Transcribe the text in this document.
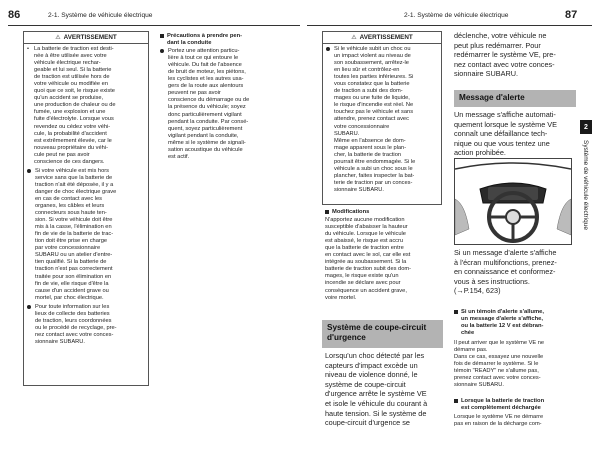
86	2-1. Système de véhicule électrique	2-1. Système de véhicule électrique	87
⚠ AVERTISSEMENT
• La batterie de traction est desti-
née à être utilisée avec votre
véhicule électrique rechar-
geable et lui seul. Si la batterie
de traction est utilisée hors de
votre véhicule ou modifiée en
quoi que ce soit, le risque existe
qu'un accident se produise,
une production de chaleur ou de
fumée, une explosion et une
fuite d'électrolyte. Lorsque vous
revendez ou cédez votre véhi-
cule, la probabilité d'accident
est extrêmement élevée, car le
nouveau propriétaire du véhi-
cule peut ne pas avoir
conscience de ces dangers.

Si votre véhicule est mis hors
service sans que la batterie de
traction n'ait été déposée, il y a
danger de choc électrique grave
en cas de contact avec les
organes, les câbles et leurs
connecteurs sous haute ten-
sion. Si votre véhicule doit être
mis à la casse, l'élimination en
fin de vie de la batterie de trac-
tion doit être prise en charge
par votre concessionnaire
SUBARU ou un atelier d'entre-
tien qualifié. Si la batterie de
traction n'est pas correctement
traitée pour son élimination en
fin de vie, elle risque d'être la
cause d'un accident grave ou
mortel, par choc électrique.

Pour toute information sur les
lieux de collecte des batteries
de traction, leurs coordonnées
ou le procédé de recyclage, pre-
nez contact avec votre conces-
sionnaire SUBARU.

Précautions à prendre pen-
dant la conduite

Portez une attention particu-
lière à tout ce qui entoure le
véhicule. Du fait de l'absence
de bruit de moteur, les piétons,
les cyclistes et les autres usa-
gers de la route aux alentours
peuvent ne pas avoir
conscience du démarrage ou de
la présence du véhicule; soyez
donc particulièrement vigilant
pendant la conduite. Par consé-
quent, soyez particulièrement
vigilant pendant la conduite,
même si le système de signali-
sation acoustique du véhicule
est actif.

⚠ AVERTISSEMENT

Si le véhicule subit un choc ou
un impact violent au niveau de
son soubassement, arrêtez-le
en lieu sûr et contrôlez-en
toutes les parties inférieures. Si
vous constatez que la batterie
de traction a subi des dom-
mages ou une fuite de liquide,
le risque d'incendie est réel. Ne
touchez pas le véhicule et sans
attendre, prenez contact avec
votre concessionnaire
SUBARU.
Même en l'absence de dom-
mage apparent sous le plan-
cher, la batterie de traction
pourrait être endommagée. Si le
véhicule a subi un choc sous le
plancher, faites inspecter la bat-
terie de traction par un conces-
sionnaire SUBARU.

Modifications

N'apportez aucune modification
susceptible d'abaisser la hauteur
du véhicule. Lorsque le véhicule
est abaissé, le risque est accru
que la batterie de traction entre
en contact avec le sol, car elle est
intégrée au soubassement. Si la
batterie de traction subit des dom-
mages, le risque existe qu'un
incendie se déclare avec pour
conséquence un accident grave,
voire mortel.

Système de coupe-circuit
d'urgence
Lorsqu'un choc détecté par les
capteurs d'impact excède un
niveau de violence donné, le
système de coupe-circuit
d'urgence arrête le système VE
et isole le véhicule du courant à
haute tension. Si le système de
coupe-circuit d'urgence se
déclenche, votre véhicule ne
peut plus redémarrer. Pour
redémarrer le système VE, pre-
nez contact avec votre conces-
sionnaire SUBARU.
Message d'alerte
Un message s'affiche automati-
quement lorsque le système VE
connaît une défaillance tech-
nique ou que vous tentez une
action prohibée.
Si un message d'alerte s'affiche
à l'écran multifonctions, prenez-
en connaissance et conformez-
vous à ses instructions.
(→P.154, 623)
Si un témoin d'alerte s'allume,
un message d'alerte s'affiche,
ou la batterie 12 V est débran-
chée

Il peut arriver que le système VE ne
démarre pas.
Dans ce cas, essayez une nouvelle
fois de démarrer le système. Si le
témoin "READY" ne s'allume pas,
prenez contact avec votre conces-
sionnaire SUBARU.

Lorsque la batterie de traction
est complètement déchargée

Lorsque le système VE ne démarre
pas en raison de la décharge com-

2
Système de véhicule électrique
